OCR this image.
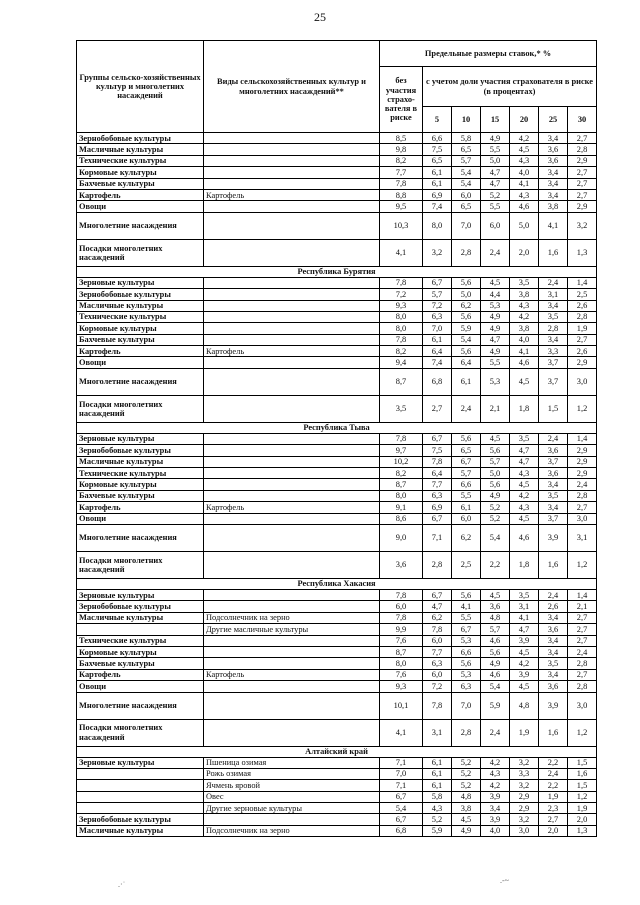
25
Группы сельско-хозяйственных культур и многолетних насаждений	Виды сельскохозяйственных культур и многолетних насаждений**	Предельные размеры ставок,* %						
		без участия страхо-вателя в риске	с учетом доли участия страхователя в риске (в процентах)					
			5	10	15	20	25	30
Зернобобовые культуры		8,5	6,6	5,8	4,9	4,2	3,4	2,7
Масличные культуры		9,8	7,5	6,5	5,5	4,5	3,6	2,8
Технические культуры		8,2	6,5	5,7	5,0	4,3	3,6	2,9
Кормовые культуры		7,7	6,1	5,4	4,7	4,0	3,4	2,7
Бахчевые культуры		7,8	6,1	5,4	4,7	4,1	3,4	2,7
Картофель	Картофель	8,8	6,9	6,0	5,2	4,3	3,4	2,7
Овощи		9,5	7,4	6,5	5,5	4,6	3,8	2,9
Многолетние насаждения		10,3	8,0	7,0	6,0	5,0	4,1	3,2
Посадки многолетних насаждений		4,1	3,2	2,8	2,4	2,0	1,6	1,3
Республика Бурятия								
Зерновые культуры		7,8	6,7	5,6	4,5	3,5	2,4	1,4
Зернобобовые культуры		7,2	5,7	5,0	4,4	3,8	3,1	2,5
Масличные культуры		9,3	7,2	6,2	5,3	4,3	3,4	2,6
Технические культуры		8,0	6,3	5,6	4,9	4,2	3,5	2,8
Кормовые культуры		8,0	7,0	5,9	4,9	3,8	2,8	1,9
Бахчевые культуры		7,8	6,1	5,4	4,7	4,0	3,4	2,7
Картофель	Картофель	8,2	6,4	5,6	4,9	4,1	3,3	2,6
Овощи		9,4	7,4	6,4	5,5	4,6	3,7	2,9
Многолетние насаждения		8,7	6,8	6,1	5,3	4,5	3,7	3,0
Посадки многолетних насаждений		3,5	2,7	2,4	2,1	1,8	1,5	1,2
Республика Тыва								
Зерновые культуры		7,8	6,7	5,6	4,5	3,5	2,4	1,4
Зернобобовые культуры		9,7	7,5	6,5	5,6	4,7	3,6	2,9
Масличные культуры		10,2	7,8	6,7	5,7	4,7	3,7	2,9
Технические культуры		8,2	6,4	5,7	5,0	4,3	3,6	2,9
Кормовые культуры		8,7	7,7	6,6	5,6	4,5	3,4	2,4
Бахчевые культуры		8,0	6,3	5,5	4,9	4,2	3,5	2,8
Картофель	Картофель	9,1	6,9	6,1	5,2	4,3	3,4	2,7
Овощи		8,6	6,7	6,0	5,2	4,5	3,7	3,0
Многолетние насаждения		9,0	7,1	6,2	5,4	4,6	3,9	3,1
Посадки многолетних насаждений		3,6	2,8	2,5	2,2	1,8	1,6	1,2
Республика Хакасия								
Зерновые культуры		7,8	6,7	5,6	4,5	3,5	2,4	1,4
Зернобобовые культуры		6,0	4,7	4,1	3,6	3,1	2,6	2,1
Масличные культуры	Подсолнечник на зерно	7,8	6,2	5,5	4,8	4,1	3,4	2,7
	Другие масличные культуры	9,9	7,8	6,7	5,7	4,7	3,6	2,7
Технические культуры		7,6	6,0	5,3	4,6	3,9	3,4	2,7
Кормовые культуры		8,7	7,7	6,6	5,6	4,5	3,4	2,4
Бахчевые культуры		8,0	6,3	5,6	4,9	4,2	3,5	2,8
Картофель	Картофель	7,6	6,0	5,3	4,6	3,9	3,4	2,7
Овощи		9,3	7,2	6,3	5,4	4,5	3,6	2,8
Многолетние насаждения		10,1	7,8	7,0	5,9	4,8	3,9	3,0
Посадки многолетних насаждений		4,1	3,1	2,8	2,4	1,9	1,6	1,2
Алтайский край								
Зерновые культуры	Пшеница озимая	7,1	6,1	5,2	4,2	3,2	2,2	1,5
	Рожь озимая	7,0	6,1	5,2	4,3	3,3	2,4	1,6
	Ячмень яровой	7,1	6,1	5,2	4,2	3,2	2,2	1,5
	Овес	6,7	5,8	4,8	3,9	2,9	1,9	1,2
	Другие зерновые культуры	5,4	4,3	3,8	3,4	2,9	2,3	1,9
Зернобобовые культуры		6,7	5,2	4,5	3,9	3,2	2,7	2,0
Масличные культуры	Подсолнечник на зерно	6,8	5,9	4,9	4,0	3,0	2,0	1,3
.·˙	.-~
